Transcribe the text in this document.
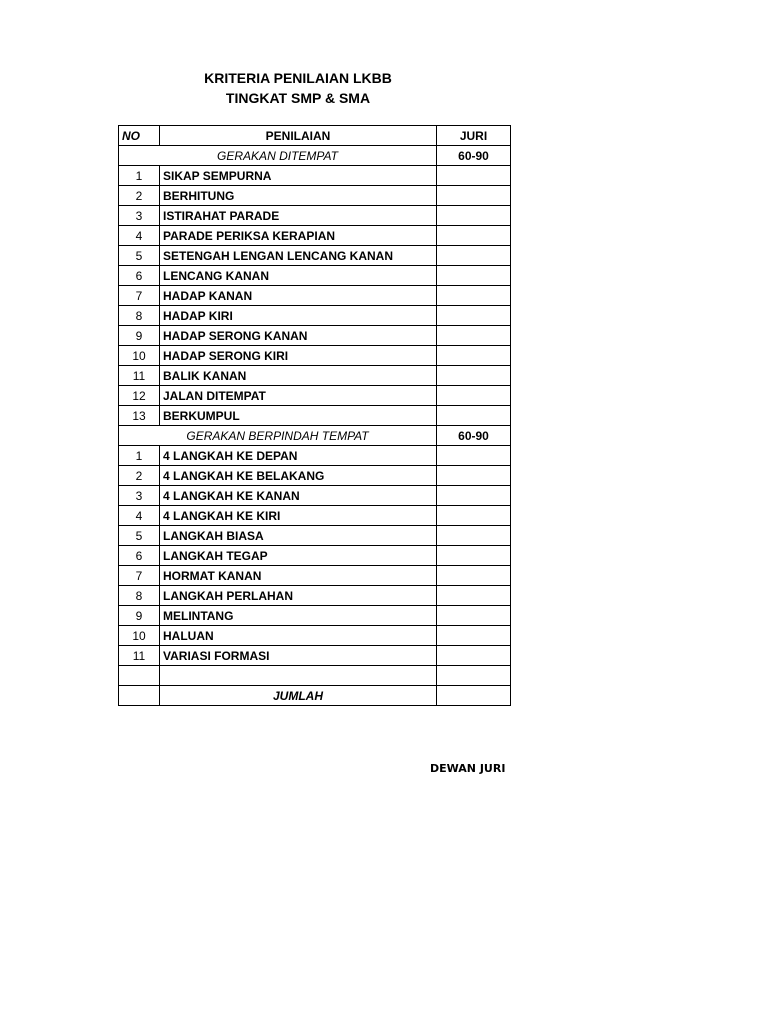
KRITERIA PENILAIAN LKBB
TINGKAT SMP & SMA
NO	PENILAIAN	JURI
GERAKAN DITEMPAT		60-90
1	SIKAP SEMPURNA	
2	BERHITUNG	
3	ISTIRAHAT PARADE	
4	PARADE PERIKSA KERAPIAN	
5	SETENGAH LENGAN LENCANG KANAN	
6	LENCANG KANAN	
7	HADAP KANAN	
8	HADAP KIRI	
9	HADAP SERONG KANAN	
10	HADAP SERONG KIRI	
11	BALIK KANAN	
12	JALAN DITEMPAT	
13	BERKUMPUL	
GERAKAN BERPINDAH TEMPAT		60-90
1	4 LANGKAH KE DEPAN	
2	4 LANGKAH KE BELAKANG	
3	4 LANGKAH KE KANAN	
4	4 LANGKAH KE KIRI	
5	LANGKAH BIASA	
6	LANGKAH TEGAP	
7	HORMAT KANAN	
8	LANGKAH PERLAHAN	
9	MELINTANG	
10	HALUAN	
11	VARIASI FORMASI	

	JUMLAH	
DEWAN JURI
